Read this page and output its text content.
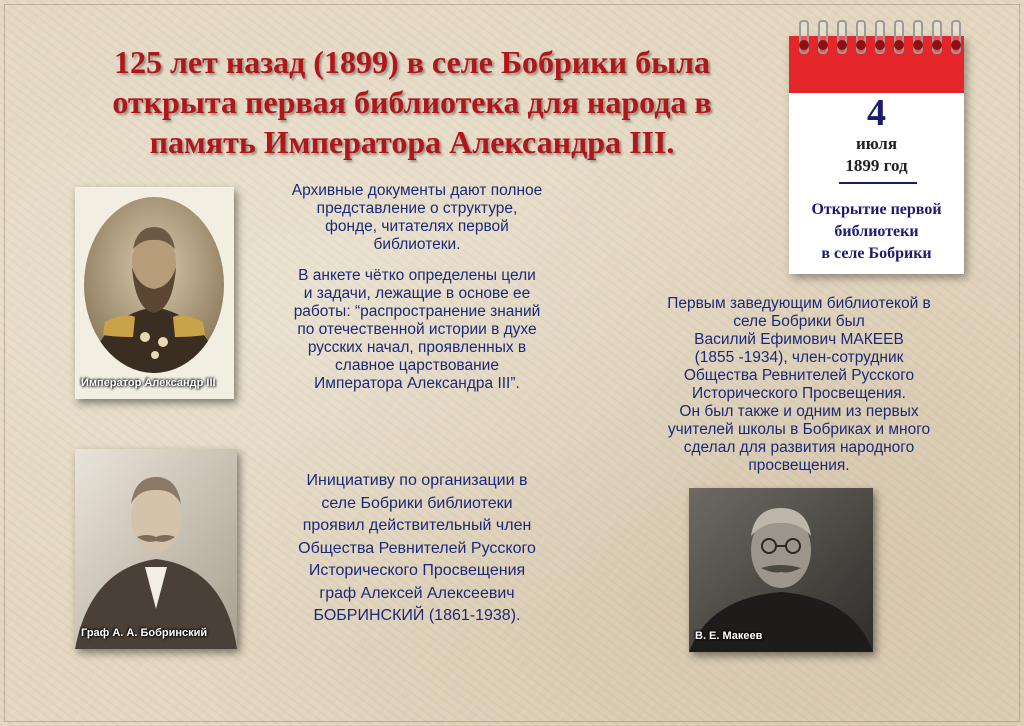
125 лет назад (1899) в селе Бобрики была
открыта первая библиотека для народа в
память Императора Александра III.
4
июля
1899 год
Открытие первой
библиотеки
в селе Бобрики
Император Александр III
Граф А. А. Бобринский	В. Е. Макеев
Архивные документы дают полное
представление о структуре,
фонде, читателях первой
библиотеки.
В анкете чётко определены цели
и задачи, лежащие в основе ее
работы: “распространение знаний
по отечественной истории в духе
русских начал, проявленных в
славное царствование
Императора Александра III”.
Первым заведующим библиотекой в
селе Бобрики был
Василий Ефимович МАКЕЕВ
(1855 -1934), член-сотрудник
Общества Ревнителей Русского
Исторического Просвещения.
Он был также и одним из первых
учителей школы в Бобриках и много
сделал для развития народного
просвещения.
Инициативу по организации в
селе Бобрики библиотеки
проявил действительный член
Общества Ревнителей Русского
Исторического Просвещения
граф Алексей Алексеевич
БОБРИНСКИЙ (1861-1938).
